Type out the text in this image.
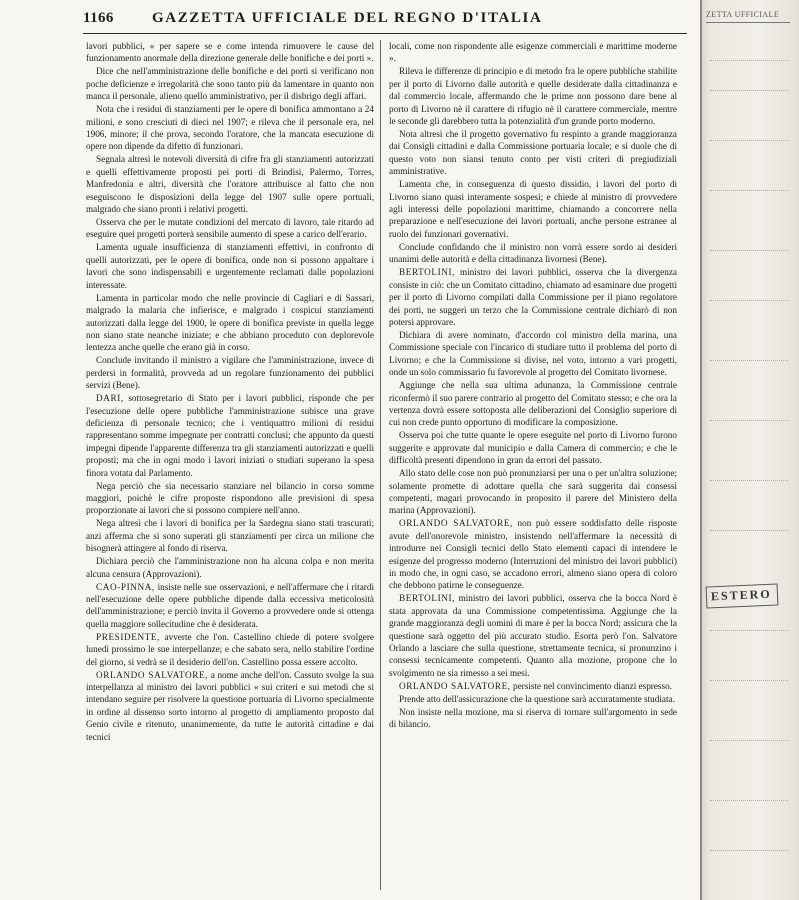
1166	GAZZETTA UFFICIALE DEL REGNO D'ITALIA

lavori pubblici, « per sapere se e come intenda rimuovere le cause del funzionamento anormale della direzione generale delle bonifiche e dei porti ».

Dice che nell'amministrazione delle bonifiche e dei porti si verificano non poche deficienze e irregolarità che sono tanto più da lamentare in quanto non manca il personale, alieno quello amministrativo, per il disbrigo degli affari.

Nota che i residui di stanziamenti per le opere di bonifica ammontano a 24 milioni, e sono cresciuti di dieci nel 1907; e rileva che il personale era, nel 1906, minore; il che prova, secondo l'oratore, che la mancata esecuzione di opere non dipende da difetto di funzionari.

Segnala altresì le notevoli diversità di cifre fra gli stanziamenti autorizzati e quelli effettivamente proposti pei porti di Brindisi, Palermo, Torres, Manfredonia e altri, diversità che l'oratore attribuisce al fatto che non eseguiscono le disposizioni della legge del 1907 sulle opere portuali, malgrado che siano pronti i relativi progetti.

Osserva che per le mutate condizioni del mercato di lavoro, tale ritardo ad eseguire quei progetti porterà sensibile aumento di spese a carico dell'erario.

Lamenta uguale insufficienza di stanziamenti effettivi, in confronto di quelli autorizzati, per le opere di bonifica, onde non si possono appaltare i lavori che sono indispensabili e urgentemente reclamati dalle popolazioni interessate.

Lamenta in particolar modo che nelle provincie di Cagliari e di Sassari, malgrado la malaria che infierisce, e malgrado i cospicui stanziamenti autorizzati dalla legge del 1900, le opere di bonifica previste in quella legge non siano state neanche iniziate; e che abbiano proceduto con deplorevole lentezza anche quelle che erano già in corso.

Conclude invitando il ministro a vigilare che l'amministrazione, invece di perdersi in formalità, provveda ad un regolare funzionamento dei pubblici servizi (Bene).

DARI, sottosegretario di Stato per i lavori pubblici, risponde che per l'esecuzione delle opere pubbliche l'amministrazione subisce una grave deficienza di personale tecnico; che i ventiquattro milioni di residui rappresentano somme impegnate per contratti conclusi; che appunto da questi impegni dipende l'apparente differenza tra gli stanziamenti autorizzati e quelli proposti; ma che in ogni modo i lavori iniziati o studiati superano la spesa finora votata dal Parlamento.

Nega perciò che sia necessario stanziare nel bilancio in corso somme maggiori, poichè le cifre proposte rispondono alle previsioni di spesa proporzionate ai lavori che si possono compiere nell'anno.

Nega altresì che i lavori di bonifica per la Sardegna siano stati trascurati; anzi afferma che si sono superati gli stanziamenti per circa un milione che bisognerà attingere al fondo di riserva.

Dichiara perciò che l'amministrazione non ha alcuna colpa e non merita alcuna censura (Approvazioni).

CAO-PINNA, insiste nelle sue osservazioni, e nell'affermare che i ritardi nell'esecuzione delle opere pubbliche dipende dalla eccessiva meticolosità dell'amministrazione; e perciò invita il Governo a provvedere onde si ottenga quella maggiore sollecitudine che è desiderata.

PRESIDENTE, avverte che l'on. Castellino chiede di potere svolgere lunedì prossimo le sue interpellanze; e che sabato sera, nello stabilire l'ordine del giorno, si vedrà se il desiderio dell'on. Castellino possa essere accolto.

ORLANDO SALVATORE, a nome anche dell'on. Cassuto svolge la sua interpellanza al ministro dei lavori pubblici « sui criteri e sui metodi che si intendano seguire per risolvere la questione portuaria di Livorno specialmente in ordine al dissenso sorto intorno al progetto di ampliamento proposto dal Genio civile e ritenuto, unanimemente, da tutte le autorità cittadine e dai tecnici

locali, come non rispondente alle esigenze commerciali e marittime moderne ».

Rileva le differenze di principio e di metodo fra le opere pubbliche stabilite per il porto di Livorno dalle autorità e quelle desiderate dalla cittadinanza e dal commercio locale, affermando che le prime non possono dare bene al porto di Livorno nè il carattere di rifugio nè il carattere commerciale, mentre le seconde gli darebbero tutta la potenzialità d'un grande porto moderno.

Nota altresì che il progetto governativo fu respinto a grande maggioranza dai Consigli cittadini e dalla Commissione portuaria locale; e si duole che di questo voto non siansi tenuto conto per visti criteri di pregiudiziali amministrative.

Lamenta che, in conseguenza di questo dissidio, i lavori del porto di Livorno siano quasi interamente sospesi; e chiede al ministro di provvedere agli interessi delle popolazioni marittime, chiamando a concorrere nella preparazione e nell'esecuzione dei lavori portuali, anche persone estranee al ruolo dei funzionari governativi.

Conclude confidando che il ministro non vorrà essere sordo ai desideri unanimi delle autorità e della cittadinanza livornesi (Bene).

BERTOLINI, ministro dei lavori pubblici, osserva che la divergenza consiste in ciò: che un Comitato cittadino, chiamato ad esaminare due progetti per il porto di Livorno compilati dalla Commissione per il piano regolatore dei porti, ne suggerì un terzo che la Commissione centrale dichiarò di non potersi approvare.

Dichiara di avere nominato, d'accordo col ministro della marina, una Commissione speciale con l'incarico di studiare tutto il problema del porto di Livorno; e che la Commissione si divise, nel voto, intorno a vari progetti, onde un solo commissario fu favorevole al progetto del Comitato livornese.

Aggiunge che nella sua ultima adunanza, la Commissione centrale riconfermò il suo parere contrario al progetto del Comitato stesso; e che ora la vertenza dovrà essere sottoposta alle deliberazioni del Consiglio superiore di cui non crede punto opportuno di modificare la composizione.

Osserva poi che tutte quante le opere eseguite nel porto di Livorno furono suggerite e approvate dal municipio e dalla Camera di commercio; e che le difficoltà presenti dipendono in gran da errori del passato.

Allo stato delle cose non può pronunziarsi per una o per un'altra soluzione; solamente promette di adottare quella che sarà suggerita dai consessi competenti, magari provocando in proposito il parere del Ministero della marina (Approvazioni).

ORLANDO SALVATORE, non può essere soddisfatto delle risposte avute dell'onorevole ministro, insistendo nell'affermare la necessità di introdurre nei Consigli tecnici dello Stato elementi capaci di intendere le esigenze del progresso moderno (Interruzioni del ministro dei lavori pubblici) in modo che, in ogni caso, se accadono errori, almeno siano opera di coloro che debbono patirne le conseguenze.

BERTOLINI, ministro dei lavori pubblici, osserva che la bocca Nord è stata approvata da una Commissione competentissima. Aggiunge che la grande maggioranza degli uomini di mare è per la bocca Nord; assicura che la questione sarà oggetto del più accurato studio. Esorta però l'on. Salvatore Orlando a lasciare che sulla questione, strettamente tecnica, si pronunzino i consessi tecnicamente competenti. Quanto alla mozione, propone che lo svolgimento ne sia rimesso a sei mesi.

ORLANDO SALVATORE, persiste nel convincimento dianzi espresso.

Prende atto dell'assicurazione che la questione sarà accuratamente studiata.

Non insiste nella mozione, ma si riserva di tornare sull'argomento in sede di bilancio.

ZETTA UFFICIALE
ESTERO
